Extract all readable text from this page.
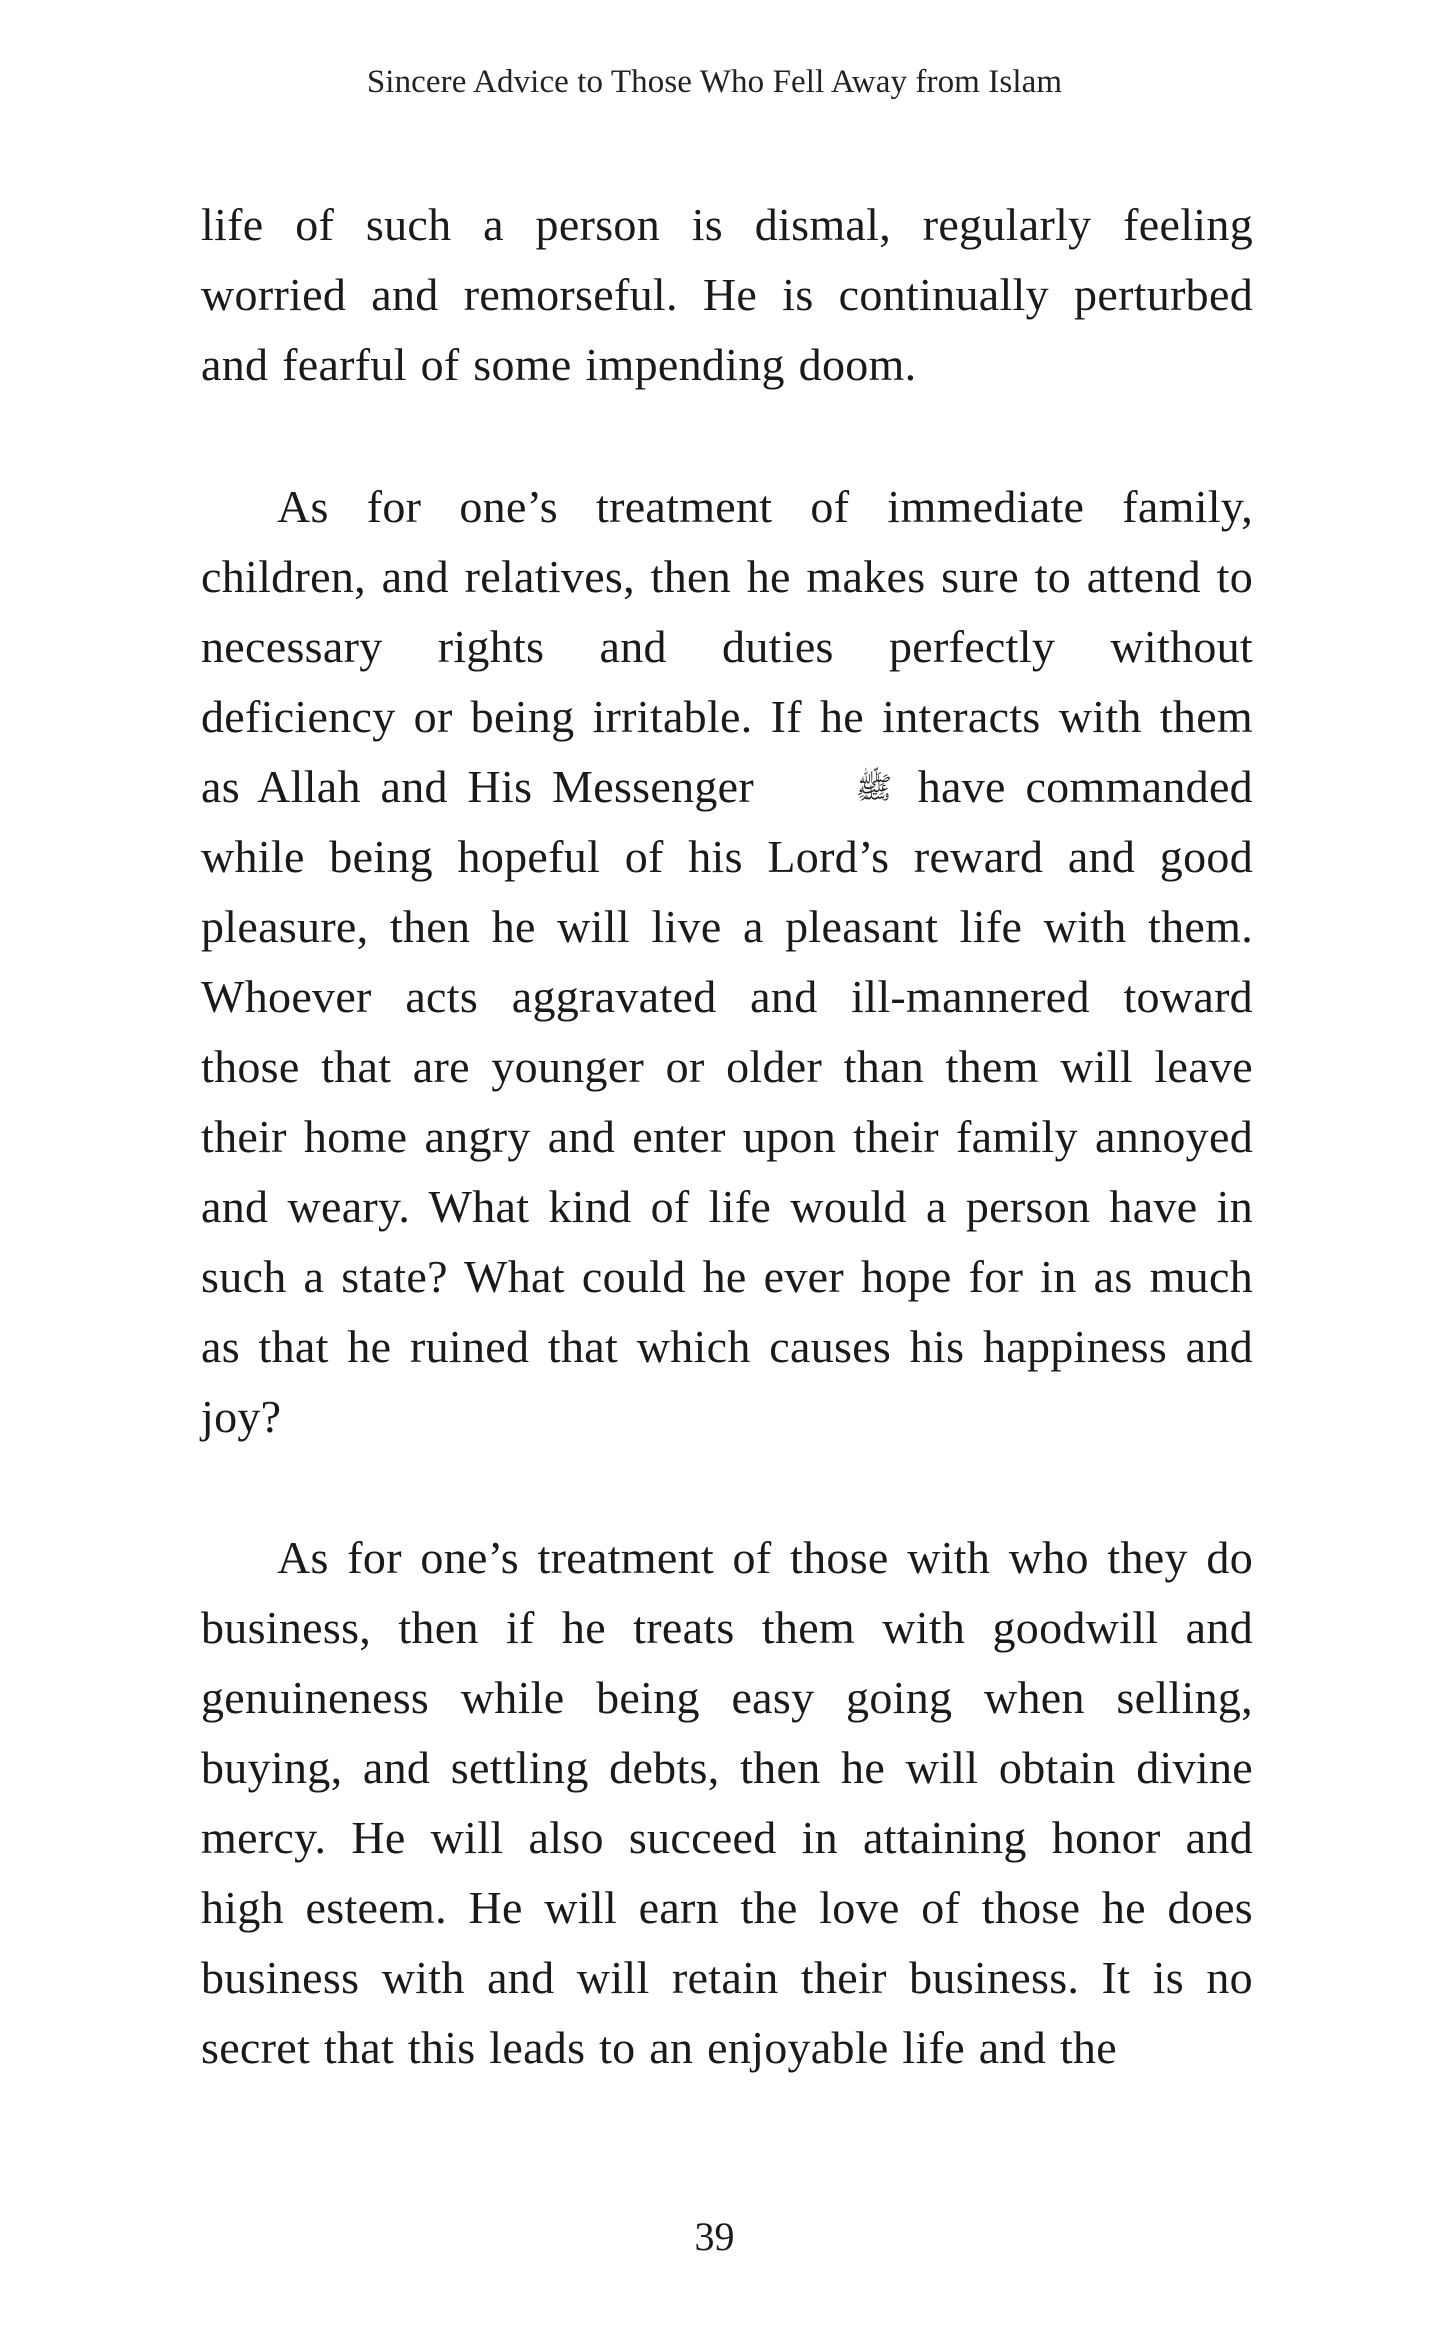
Sincere Advice to Those Who Fell Away from Islam

life of such a person is dismal, regularly feeling worried and remorseful. He is continually perturbed and fearful of some impending doom.

As for one’s treatment of immediate family, children, and relatives, then he makes sure to attend to necessary rights and duties perfectly without deficiency or being irritable. If he interacts with them as Allah and His Messenger	ﷺ have commanded while being hopeful of his Lord’s reward and good pleasure, then he will live a pleasant life with them. Whoever acts aggravated and ill-mannered toward those that are younger or older than them will leave their home angry and enter upon their family annoyed and weary. What kind of life would a person have in such a state? What could he ever hope for in as much as that he ruined that which causes his happiness and joy?

As for one’s treatment of those with who they do business, then if he treats them with goodwill and genuineness while being easy going when selling, buying, and settling debts, then he will obtain divine mercy. He will also succeed in attaining honor and high esteem. He will earn the love of those he does business with and will retain their business. It is no secret that this leads to an enjoyable life and the

39
